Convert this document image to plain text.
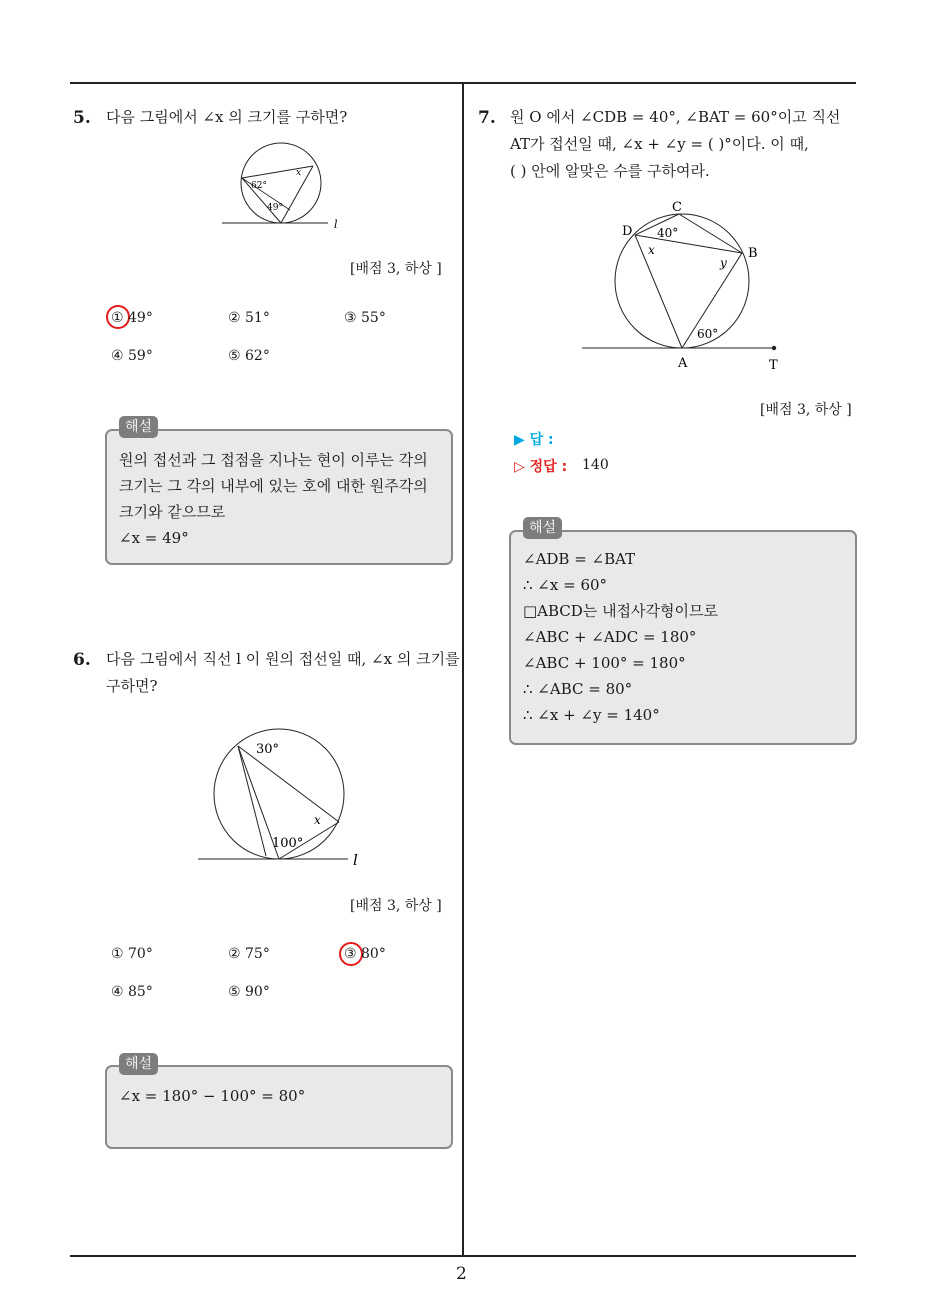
2
5. 다음 그림에서 ∠x 의 크기를 구하면?
62°
49°
x
l
[배점 3, 하상 ]
① 49°	② 51°	③ 55°
④ 59°	⑤ 62°
원의 접선과 그 접점을 지나는 현이 이루는 각의
크기는 그 각의 내부에 있는 호에 대한 원주각의
크기와 같으므로
∠x = 49°
해설
6. 다음 그림에서 직선 l 이 원의 접선일 때, ∠x 의 크기를
구하면?
30°
100°
x
l
[배점 3, 하상 ]
① 70°	② 75°	③ 80°
④ 85°	⑤ 90°
∠x = 180° − 100° = 80°
해설
7. 원 O 에서 ∠CDB = 40°, ∠BAT = 60°이고 직선
AT가 접선일 때, ∠x + ∠y = ( )°이다. 이 때,
( ) 안에 알맞은 수를 구하여라.
C
D
B
A	T
40°
60°
x
y
[배점 3, 하상 ]
▶ 답 :
▷ 정답 : 140
∠ADB = ∠BAT
∴ ∠x = 60°
□ABCD는 내접사각형이므로
∠ABC + ∠ADC = 180°
∠ABC + 100° = 180°
∴ ∠ABC = 80°
∴ ∠x + ∠y = 140°
해설
